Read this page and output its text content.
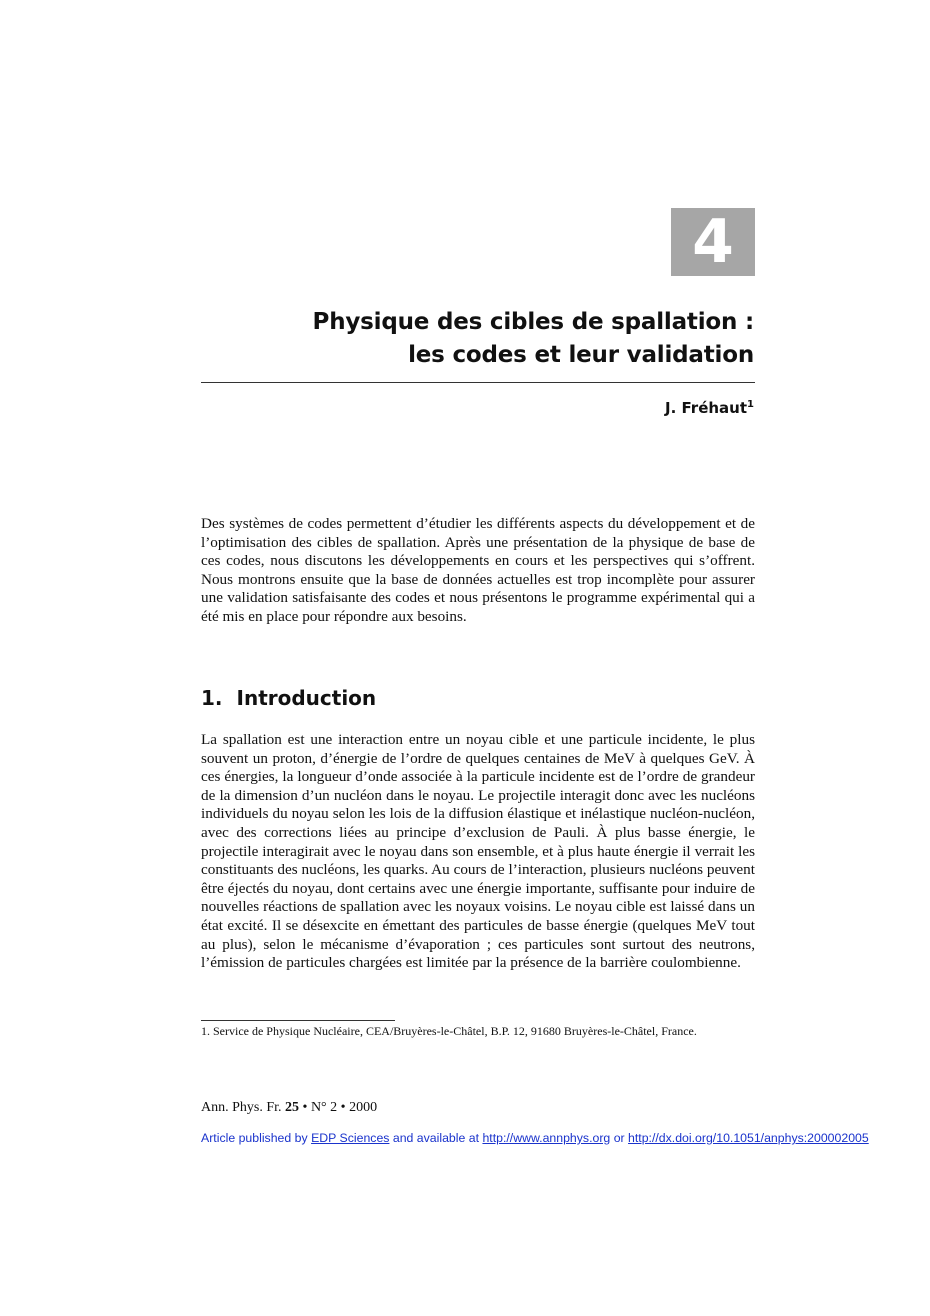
4
Physique des cibles de spallation :
les codes et leur validation
J. Fréhaut$^1$

Des systèmes de codes permettent d’étudier les différents aspects du développement et de l’optimisation des cibles de spallation. Après une présentation de la physique de base de ces codes, nous discutons les développements en cours et les perspectives qui s’offrent. Nous montrons ensuite que la base de données actuelles est trop incomplète pour assurer une validation satisfaisante des codes et nous présentons le programme expérimental qui a été mis en place pour répondre aux besoins.

1. Introduction

La spallation est une interaction entre un noyau cible et une particule incidente, le plus souvent un proton, d’énergie de l’ordre de quelques centaines de MeV à quelques GeV. À ces énergies, la longueur d’onde associée à la particule incidente est de l’ordre de grandeur de la dimension d’un nucléon dans le noyau. Le projectile interagit donc avec les nucléons individuels du noyau selon les lois de la diffusion élastique et inélastique nucléon-nucléon, avec des corrections liées au principe d’exclusion de Pauli. À plus basse énergie, le projectile interagirait avec le noyau dans son ensemble, et à plus haute énergie il verrait les constituants des nucléons, les quarks. Au cours de l’interaction, plusieurs nucléons peuvent être éjectés du noyau, dont certains avec une énergie importante, suffisante pour induire de nouvelles réactions de spallation avec les noyaux voisins. Le noyau cible est laissé dans un état excité. Il se désexcite en émettant des particules de basse énergie (quelques MeV tout au plus), selon le mécanisme d’évaporation ; ces particules sont surtout des neutrons, l’émission de particules chargées est limitée par la présence de la barrière coulombienne.

1. Service de Physique Nucléaire, CEA/Bruyères-le-Châtel, B.P. 12, 91680 Bruyères-le-Châtel, France.

Ann. Phys. Fr. 25 • N° 2 • 2000
Article published by EDP Sciences and available at http://www.annphys.org or http://dx.doi.org/10.1051/anphys:200002005
